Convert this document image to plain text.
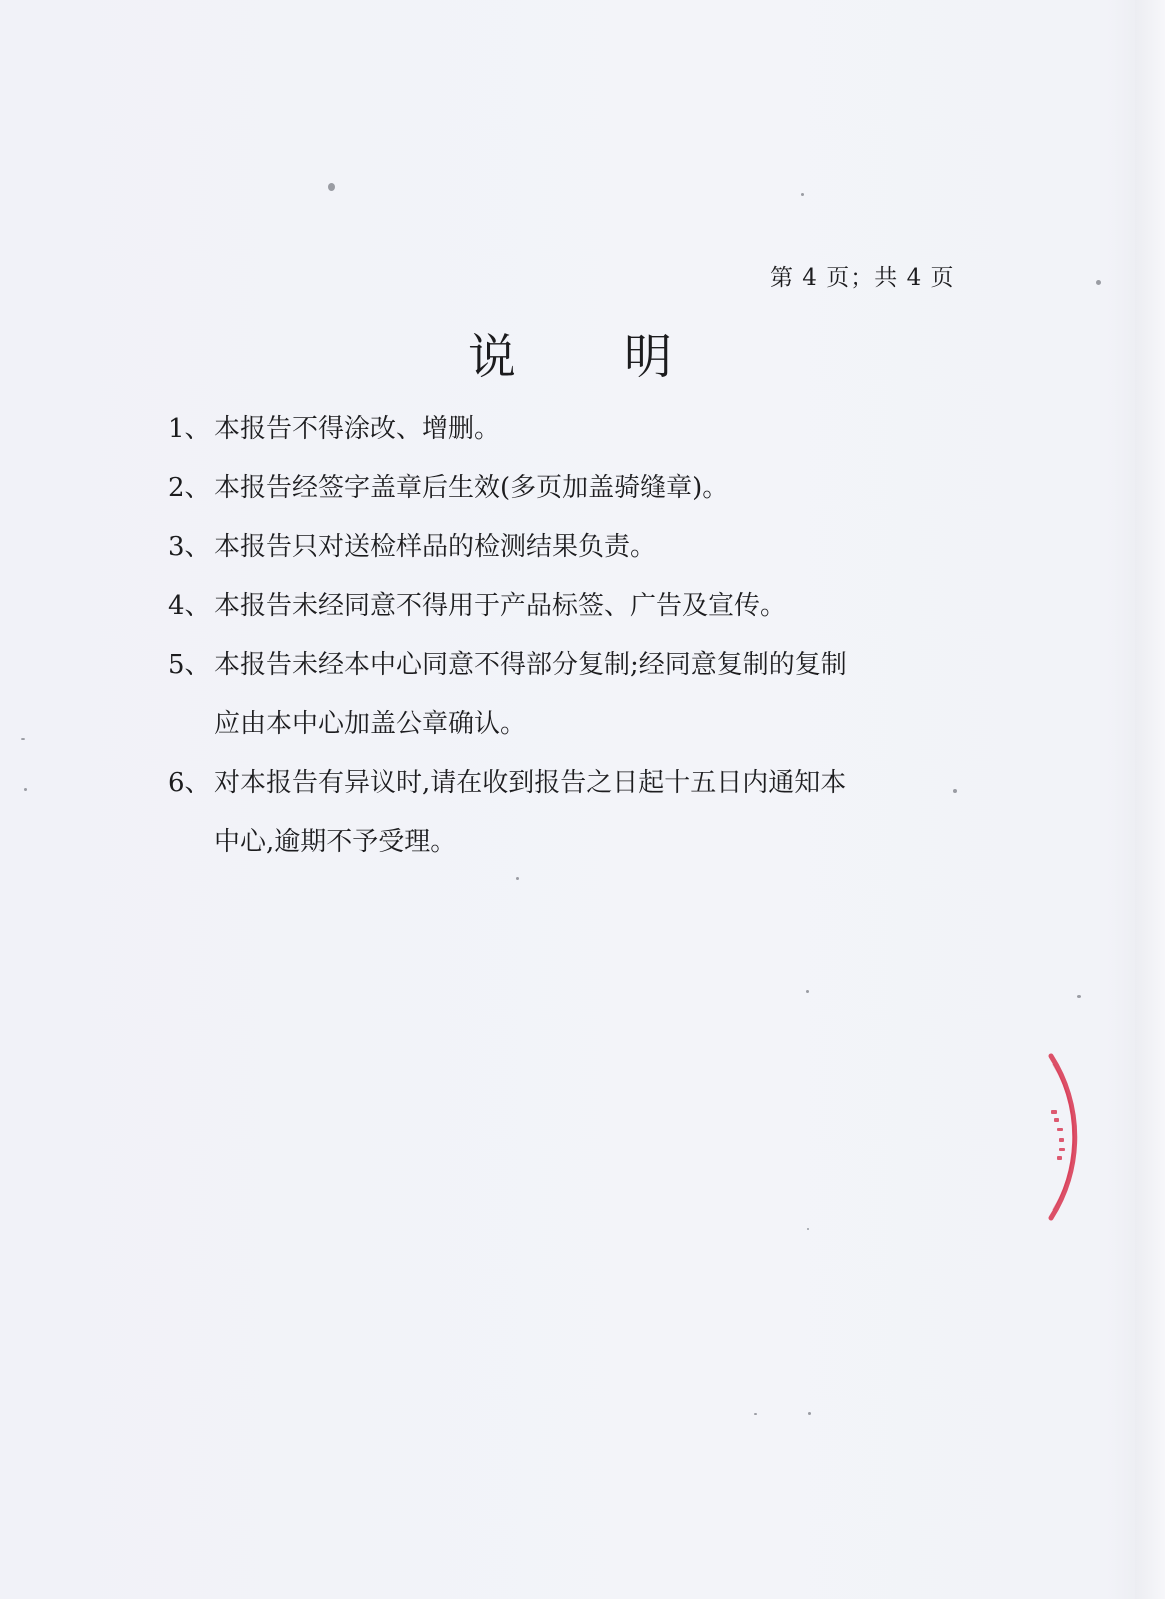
第 4 页；共 4 页
说 明
1、 本报告不得涂改、增删。
2、 本报告经签字盖章后生效(多页加盖骑缝章)。
3、 本报告只对送检样品的检测结果负责。
4、 本报告未经同意不得用于产品标签、广告及宣传。
5、 本报告未经本中心同意不得部分复制;经同意复制的复制
应由本中心加盖公章确认。
6、 对本报告有异议时,请在收到报告之日起十五日内通知本
中心,逾期不予受理。
